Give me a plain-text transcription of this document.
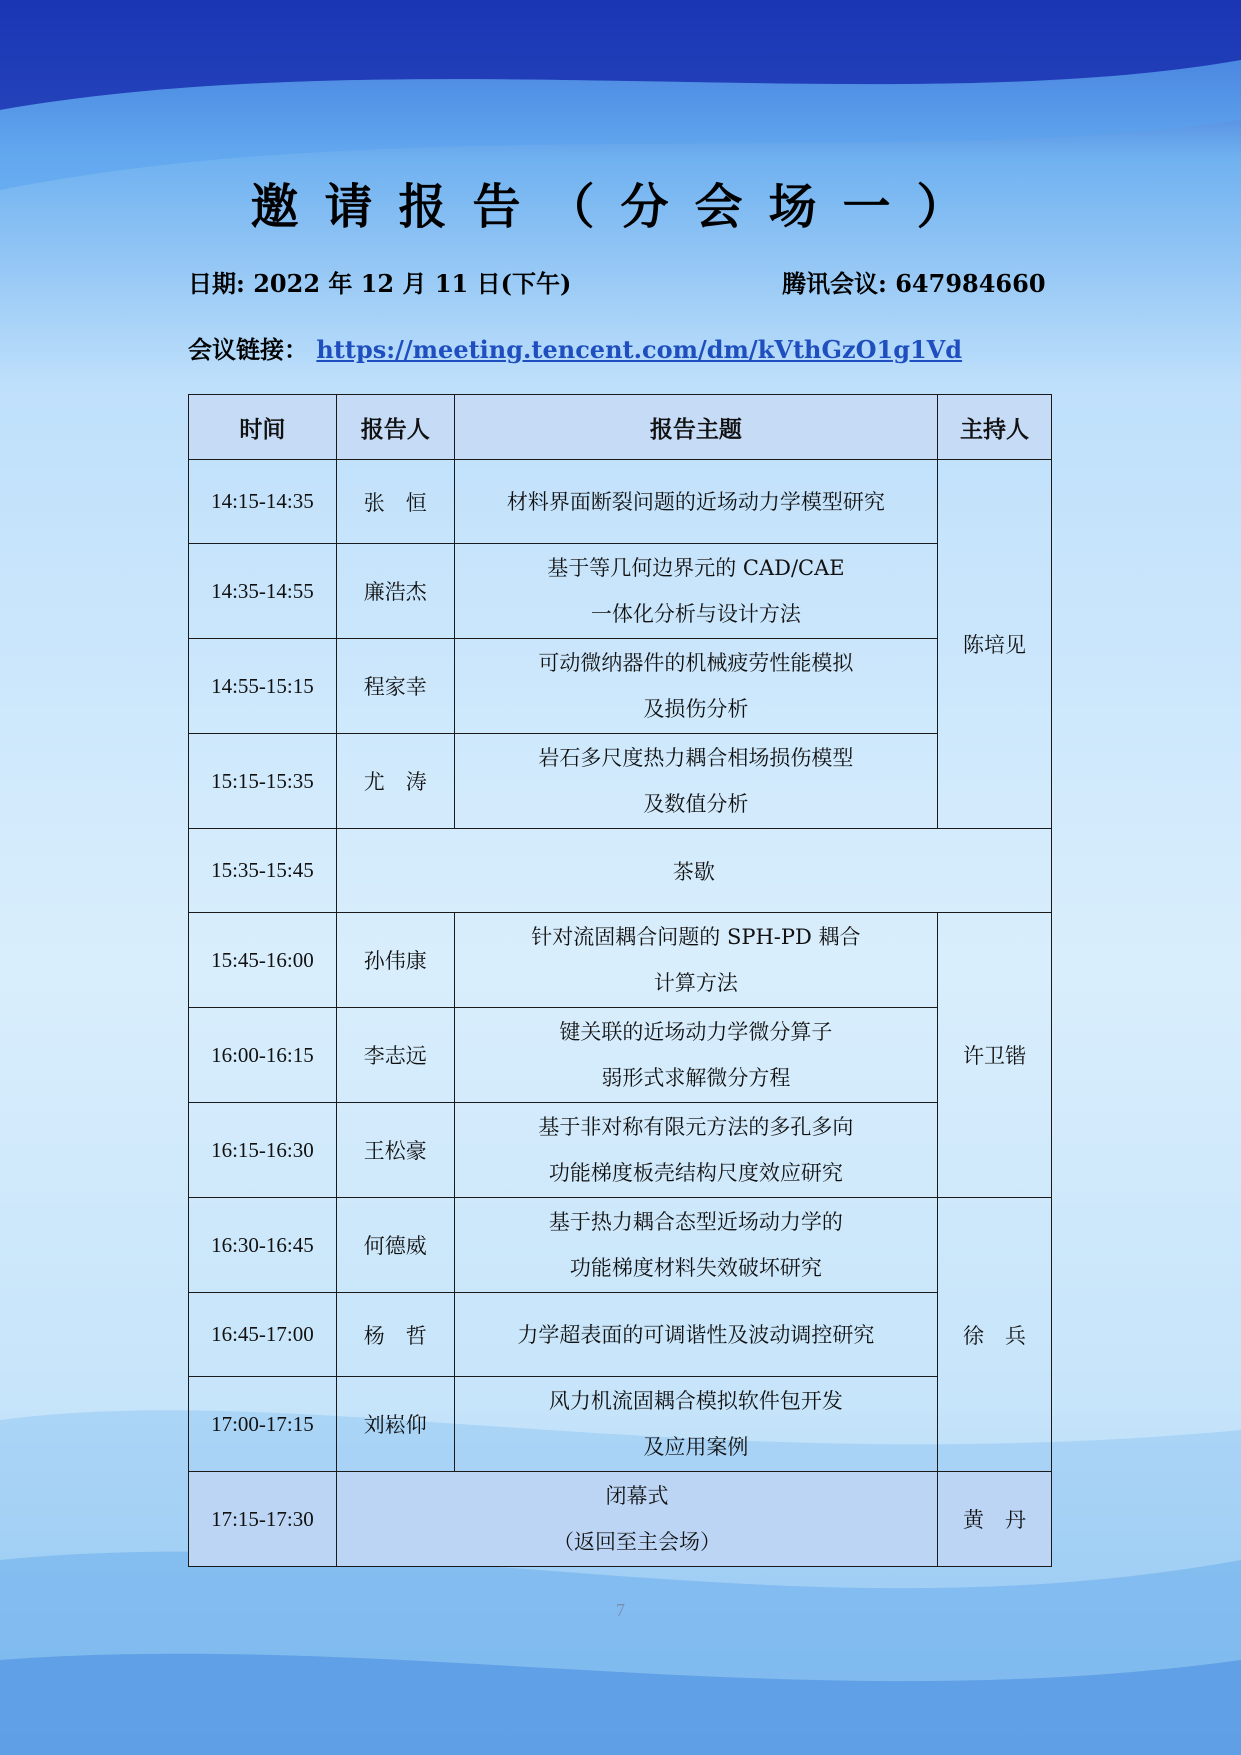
邀请报告（分会场一）
日期: 2022 年 12 月 11 日(下午)	腾讯会议: 647984660
会议链接： https://meeting.tencent.com/dm/kVthGzO1g1Vd
时间	报告人	报告主题	主持人
14:15-14:35	张　恒	材料界面断裂问题的近场动力学模型研究	陈培见
14:35-14:55	廉浩杰	基于等几何边界元的 CAD/CAE
一体化分析与设计方法	

14:55-15:15	程家幸	可动微纳器件的机械疲劳性能模拟
及损伤分析	

15:15-15:35	尤　涛	岩石多尺度热力耦合相场损伤模型
及数值分析	

15:35-15:45	茶歇		
15:45-16:00	孙伟康	针对流固耦合问题的 SPH-PD 耦合
计算方法	许卫锴
16:00-16:15	李志远	键关联的近场动力学微分算子
弱形式求解微分方程	

16:15-16:30	王松豪	基于非对称有限元方法的多孔多向
功能梯度板壳结构尺度效应研究	

16:30-16:45	何德威	基于热力耦合态型近场动力学的
功能梯度材料失效破坏研究	徐　兵
16:45-17:00	杨　哲	力学超表面的可调谐性及波动调控研究	

17:00-17:15	刘崧仰	风力机流固耦合模拟软件包开发
及应用案例	

17:15-17:30	闭幕式
（返回至主会场）		黄　丹
7
